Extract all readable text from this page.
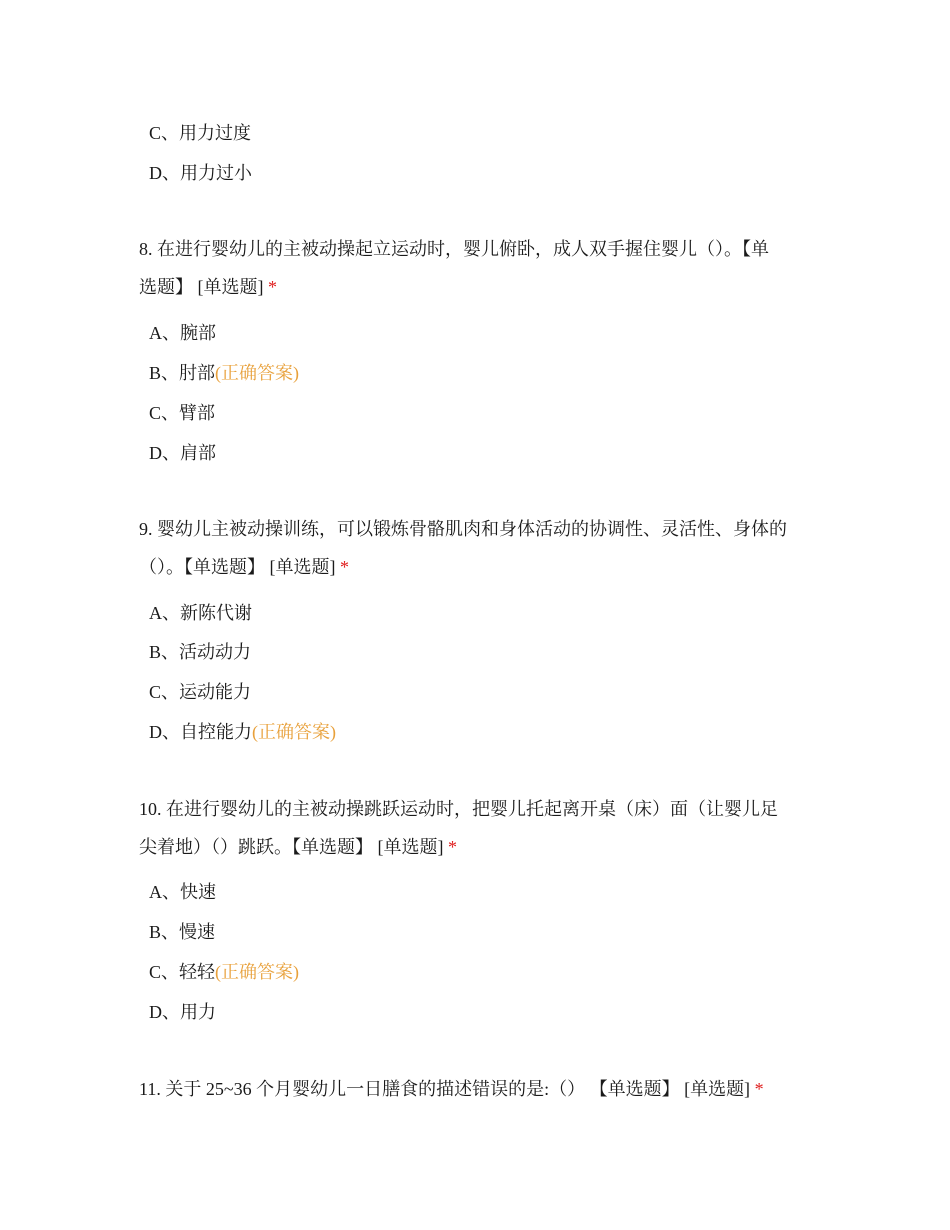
C、用力过度
D、用力过小
8. 在进行婴幼儿的主被动操起立运动时，婴儿俯卧，成人双手握住婴儿（）。【单
选题】 [单选题] *
A、腕部
B、肘部(正确答案)
C、臂部
D、肩部
9. 婴幼儿主被动操训练，可以锻炼骨骼肌肉和身体活动的协调性、灵活性、身体的
（）。【单选题】 [单选题] *
A、新陈代谢
B、活动动力
C、运动能力
D、自控能力(正确答案)
10. 在进行婴幼儿的主被动操跳跃运动时，把婴儿托起离开桌（床）面（让婴儿足
尖着地）（）跳跃。【单选题】 [单选题] *
A、快速
B、慢速
C、轻轻(正确答案)
D、用力
11. 关于 25~36 个月婴幼儿一日膳食的描述错误的是:（） 【单选题】 [单选题] *
